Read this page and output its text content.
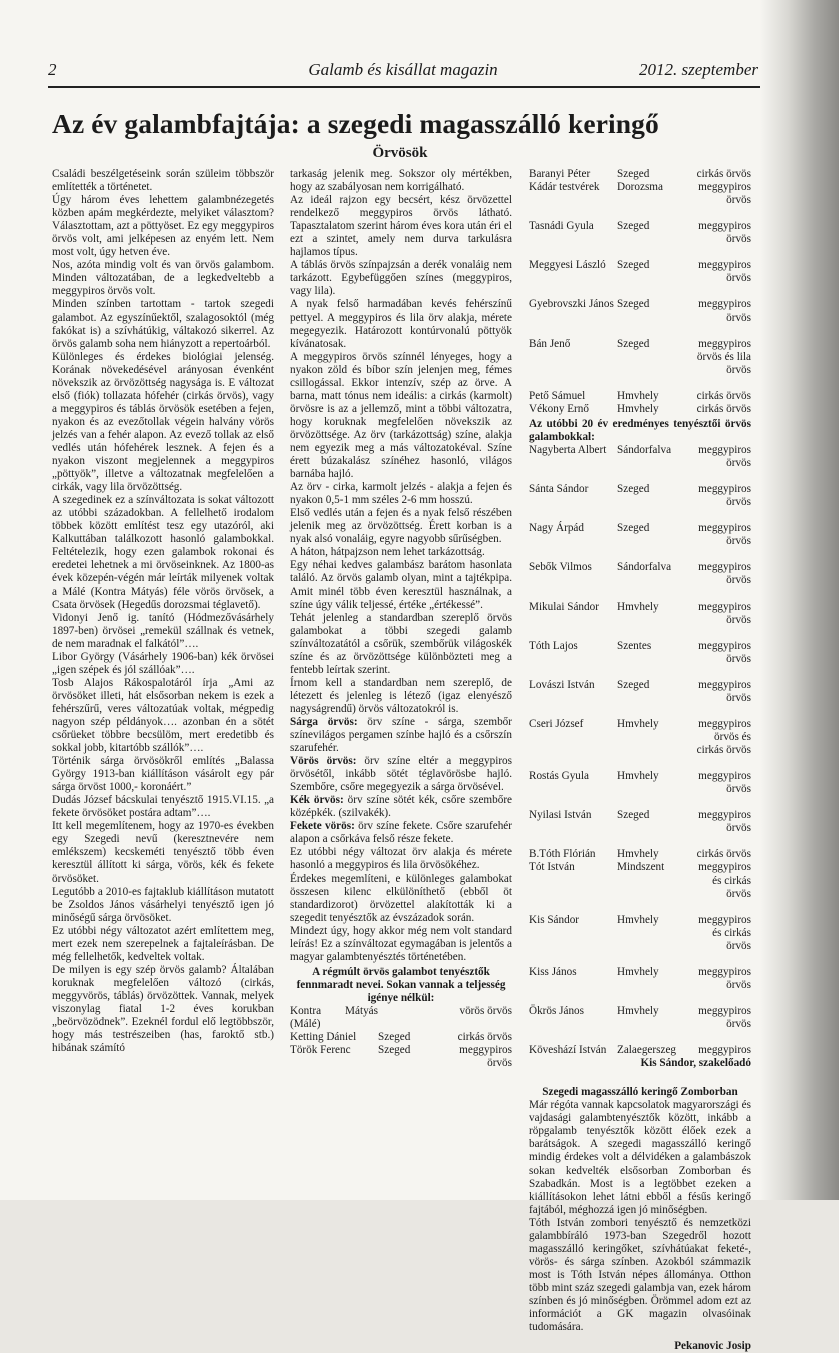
Galamb és kisállat magazin
2	2012. szeptember
Az év galambfajtája: a szegedi magasszálló keringő
Örvösök

Családi beszélgetéseink során szüleim többször említették a történetet.

Úgy három éves lehettem galambnézegetés közben apám megkérdezte, melyiket választom? Választottam, azt a pöttyöset. Ez egy meggypiros örvös volt, ami jelképesen az enyém lett. Nem most volt, úgy hetven éve.

Nos, azóta mindig volt és van örvös galambom. Minden változatában, de a legkedveltebb a meggypiros örvös volt.

Minden színben tartottam - tartok szegedi galambot. Az egyszínűektől, szalagosoktól (még fakókat is) a szívhátúkig, váltakozó sikerrel. Az örvös galamb soha nem hiányzott a repertoárból.

Különleges és érdekes biológiai jelenség. Korának növekedésével arányosan évenként növekszik az örvözöttség nagysága is. E változat első (fiók) tollazata hófehér (cirkás örvös), vagy a meggypiros és táblás örvösök esetében a fejen, nyakon és az evezőtollak végein halvány vörös jelzés van a fehér alapon. Az evező tollak az első vedlés után hófehérek lesznek. A fejen és a nyakon viszont megjelennek a meggypiros „pöttyök”, illetve a változatnak megfelelően a cirkák, vagy lila örvözöttség.

A szegedinek ez a színváltozata is sokat változott az utóbbi századokban. A fellelhető irodalom többek között említést tesz egy utazóról, aki Kalkuttában találkozott hasonló galambokkal. Feltételezik, hogy ezen galambok rokonai és eredetei lehetnek a mi örvöseinknek. Az 1800-as évek közepén-végén már leírták milyenek voltak a Málé (Kontra Mátyás) féle vörös örvösek, a Csata örvösek (Hegedűs dorozsmai téglavető).

Vidonyi Jenő ig. tanító (Hódmezővásárhely 1897-ben) örvösei „remekül szállnak és vetnek, de nem maradnak el falkától”….

Libor György (Vásárhely 1906-ban) kék örvösei „igen szépek és jól szállóak”….

Tosb Alajos Rákospalotáról írja „Ami az örvösöket illeti, hát elsősorban nekem is ezek a fehérszűrű, veres változatúak voltak, mégpedig nagyon szép példányok…. azonban én a sötét csőrüeket többre becsülöm, mert eredetibb és sokkal jobb, kitartóbb szállók”….

Történik sárga örvösökről említés „Balassa György 1913-ban kiállításon vásárolt egy pár sárga örvöst 1000,- koronáért.”

Dudás József bácskulai tenyésztő 1915.VI.15. „a fekete örvösöket postára adtam”….

Itt kell megemlítenem, hogy az 1970-es években egy Szegedi nevű (keresztnevére nem emlékszem) kecskeméti tenyésztő több éven keresztül állított ki sárga, vörös, kék és fekete örvösöket.

Legutóbb a 2010-es fajtaklub kiállításon mutatott be Zsoldos János vásárhelyi tenyésztő igen jó minőségű sárga örvösöket.

Ez utóbbi négy változatot azért említettem meg, mert ezek nem szerepelnek a fajtaleírásban. De még fellelhetők, kedveltek voltak.

De milyen is egy szép örvös galamb? Általában koruknak megfelelően változó (cirkás, meggyvörös, táblás) örvözöttek. Vannak, melyek viszonylag fiatal 1-2 éves korukban „beörvözödnek”. Ezeknél fordul elő legtöbbször, hogy más testrészeiben (has, faroktő stb.) hibának számító

tarkaság jelenik meg. Sokszor oly mértékben, hogy az szabályosan nem korrigálható.

Az ideál rajzon egy becsért, kész örvözettel rendelkező meggypiros örvös látható. Tapasztalatom szerint három éves kora után éri el ezt a szintet, amely nem durva tarkulásra hajlamos típus.

A táblás örvös színpajzsán a derék vonaláig nem tarkázott. Egybefüggően színes (meggypiros, vagy lila).

A nyak felső harmadában kevés fehérszínű pettyel. A meggypiros és lila örv alakja, mérete megegyezik. Határozott kontúrvonalú pöttyök kívánatosak.

A meggypiros örvös színnél lényeges, hogy a nyakon zöld és bíbor szín jelenjen meg, fémes csillogással. Ekkor intenzív, szép az örve. A barna, matt tónus nem ideális: a cirkás (karmolt) örvösre is az a jellemző, mint a többi változatra, hogy koruknak megfelelően növekszik az örvözöttsége. Az örv (tarkázottság) színe, alakja nem egyezik meg a más változatokéval. Színe érett búzakalász színéhez hasonló, világos barnába hajló.

Az örv - cirka, karmolt jelzés - alakja a fejen és nyakon 0,5-1 mm széles 2-6 mm hosszú.

Első vedlés után a fejen és a nyak felső részében jelenik meg az örvözöttség. Érett korban is a nyak alsó vonaláig, egyre nagyobb sűrűségben.

A háton, hátpajzson nem lehet tarkázottság.

Egy néhai kedves galambász barátom hasonlata találó. Az örvös galamb olyan, mint a tajtékpipa. Amit minél több éven keresztül használnak, a színe úgy válik teljessé, értéke „értékessé”.

Tehát jelenleg a standardban szereplő örvös galambokat a többi szegedi galamb színváltozatától a csőrük, szembőrük világoskék színe és az örvözöttsége különbözteti meg a fentebb leírtak szerint.

Írnom kell a standardban nem szereplő, de létezett és jelenleg is létező (igaz elenyésző nagyságrendű) örvös változatokról is.

Sárga örvös: örv színe - sárga, szembőr színevilágos pergamen színbe hajló és a csőrszín szarufehér.

Vörös örvös: örv színe eltér a meggypiros örvösétől, inkább sötét téglavörösbe hajló. Szembőre, csőre megegyezik a sárga örvösével.

Kék örvös: örv színe sötét kék, csőre szembőre középkék. (szilvakék).

Fekete vörös: örv színe fekete. Csőre szarufehér alapon a csőrkáva felső része fekete.

Ez utóbbi négy változat örv alakja és mérete hasonló a meggypiros és lila örvösökéhez.

Érdekes megemlíteni, e különleges galambokat összesen kilenc elkülöníthető (ebből öt standardizorot) örvözettel alakították ki a szegedit tenyésztők az évszázadok során.

Mindezt úgy, hogy akkor még nem volt standard leírás! Ez a színváltozat egymagában is jelentős a magyar galambtenyésztés történetében.

A régmúlt örvös galambot tenyésztők fennmaradt nevei. Sokan vannak a teljesség igénye nélkül:

Kontra Mátyás (Málé)		vörös örvös
Ketting Dániel	Szeged	cirkás örvös
Török Ferenc	Szeged	meggypiros örvös
Baranyi Péter	Szeged	cirkás örvös
Kádár testvérek	Dorozsma	meggypiros örvös
Tasnádi Gyula	Szeged	meggypiros örvös
Meggyesi László	Szeged	meggypiros örvös
Gyebrovszki János	Szeged	meggypiros örvös
Bán Jenő	Szeged	meggypiros örvös és lila örvös
Pető Sámuel	Hmvhely	cirkás örvös
Vékony Ernő	Hmvhely	cirkás örvös

Az utóbbi 20 év eredményes tenyésztői örvös galambokkal:

Nagyberta Albert	Sándorfalva	meggypiros örvös
Sánta Sándor	Szeged	meggypiros örvös
Nagy Árpád	Szeged	meggypiros örvös
Sebők Vilmos	Sándorfalva	meggypiros örvös
Mikulai Sándor	Hmvhely	meggypiros örvös
Tóth Lajos	Szentes	meggypiros örvös
Lovászi István	Szeged	meggypiros örvös
Cseri József	Hmvhely	meggypiros örvös és cirkás örvös
Rostás Gyula	Hmvhely	meggypiros örvös
Nyilasi István	Szeged	meggypiros örvös
B.Tóth Flórián	Hmvhely	cirkás örvös
Tót István	Mindszent	meggypiros és cirkás örvös
Kis Sándor	Hmvhely	meggypiros és cirkás örvös
Kiss János	Hmvhely	meggypiros örvös
Ökrös János	Hmvhely	meggypiros örvös
Köveshází István	Zalaegerszeg	meggypiros

Kis Sándor, szakelőadó

Szegedi magasszálló keringő Zomborban

Már régóta vannak kapcsolatok magyarországi és vajdasági galambtenyésztők között, inkább a röpgalamb tenyésztők között élőek ezek a barátságok. A szegedi magasszálló keringő mindig érdekes volt a délvidéken a galambászok sokan kedvelték elsősorban Zomborban és Szabadkán. Most is a legtöbbet ezeken a kiállításokon lehet látni ebből a fésűs keringő fajtából, méghozzá igen jó minőségben.

Tóth István zombori tenyésztő és nemzetközi galambbíráló 1973-ban Szegedről hozott magasszálló keringőket, szívhátúakat feketé-, vörös- és sárga színben. Azokból számmazik most is Tóth István népes állománya. Otthon több mint száz szegedi galambja van, ezek három színben és jó minőségben. Örömmel adom ezt az információt a GK magazin olvasóinak tudomására.

Pekanovic Josip
